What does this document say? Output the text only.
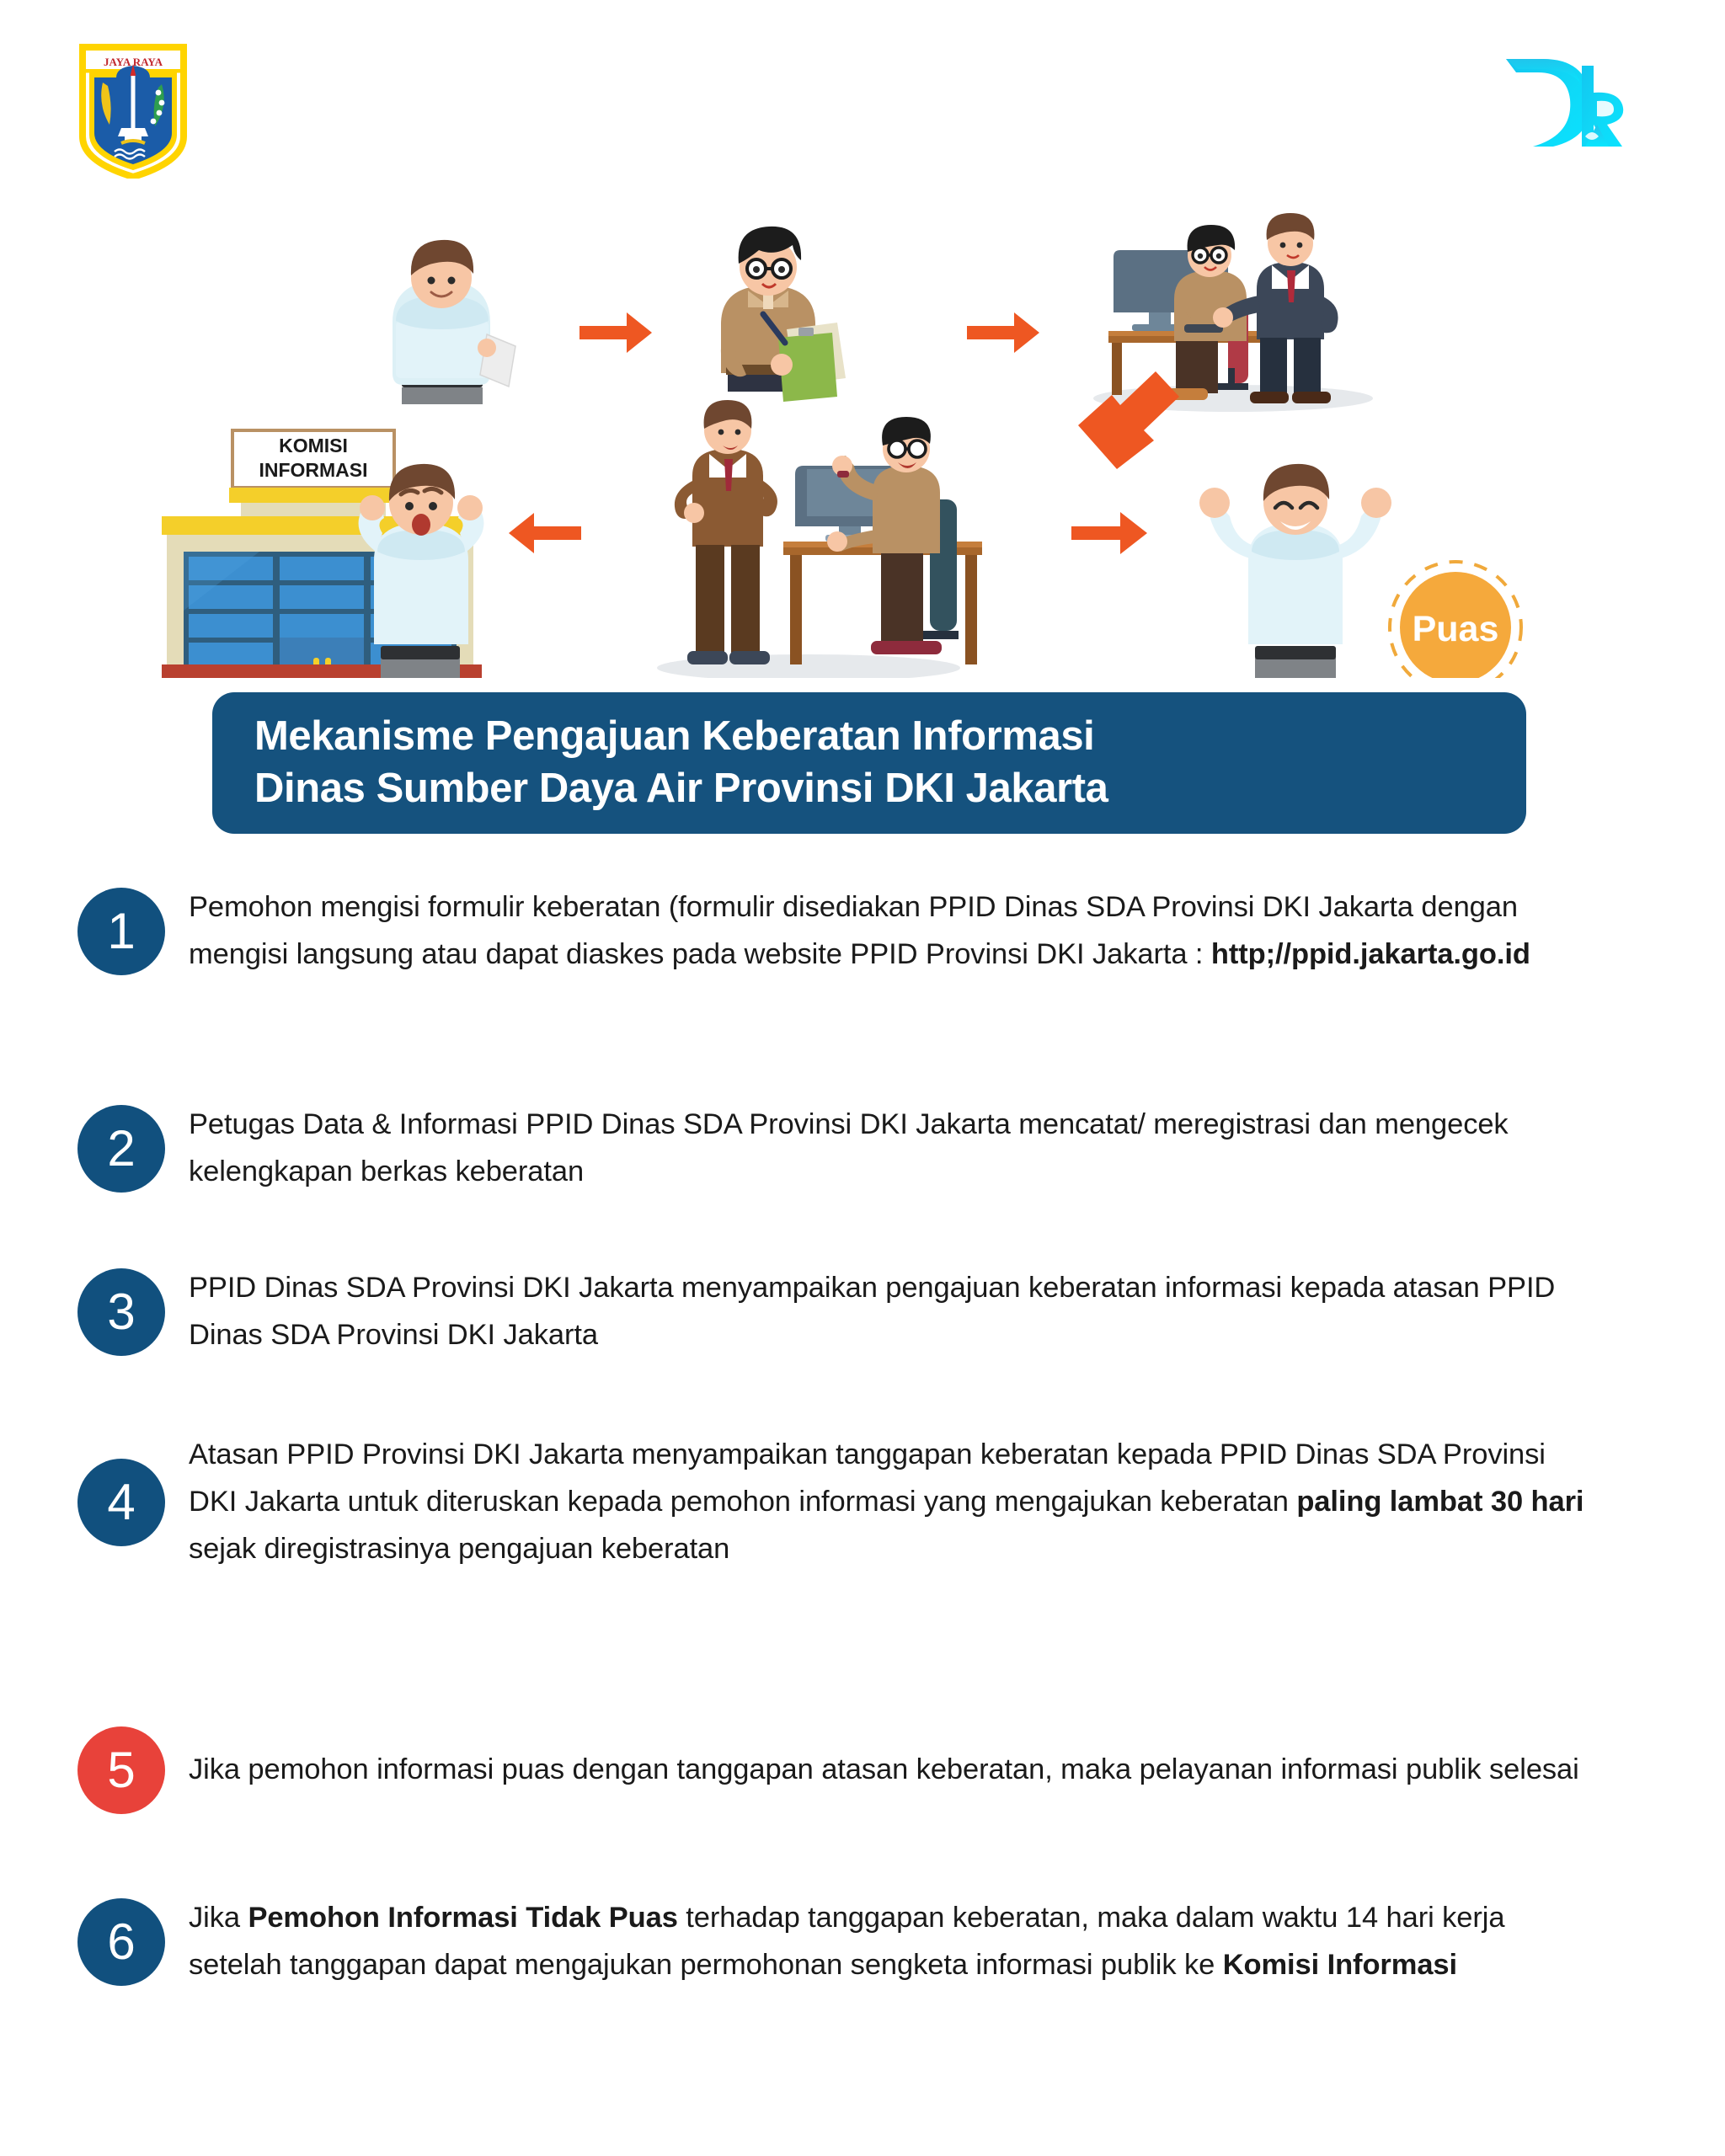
JAYA RAYA
KOMISI
INFORMASI
Puas
Mekanisme Pengajuan Keberatan Informasi
Dinas Sumber Daya Air Provinsi DKI Jakarta
1	Pemohon mengisi formulir keberatan (formulir disediakan PPID Dinas SDA Provinsi DKI Jakarta dengan mengisi langsung atau dapat diaskes pada website PPID Provinsi DKI Jakarta : http;//ppid.jakarta.go.id
2	Petugas Data & Informasi PPID Dinas SDA Provinsi DKI Jakarta mencatat/ meregistrasi dan mengecek kelengkapan berkas keberatan
3	PPID Dinas SDA Provinsi DKI Jakarta menyampaikan pengajuan keberatan informasi kepada atasan PPID Dinas SDA Provinsi DKI Jakarta
4
Atasan PPID Provinsi DKI Jakarta menyampaikan tanggapan keberatan kepada PPID Dinas SDA Provinsi DKI Jakarta untuk diteruskan kepada pemohon informasi yang mengajukan keberatan paling lambat 30 hari sejak diregistrasinya pengajuan keberatan
5	Jika pemohon informasi puas dengan tanggapan atasan keberatan, maka pelayanan informasi publik selesai
6	Jika Pemohon Informasi Tidak Puas terhadap tanggapan keberatan, maka dalam waktu 14 hari kerja setelah tanggapan dapat mengajukan permohonan sengketa informasi publik ke Komisi Informasi
